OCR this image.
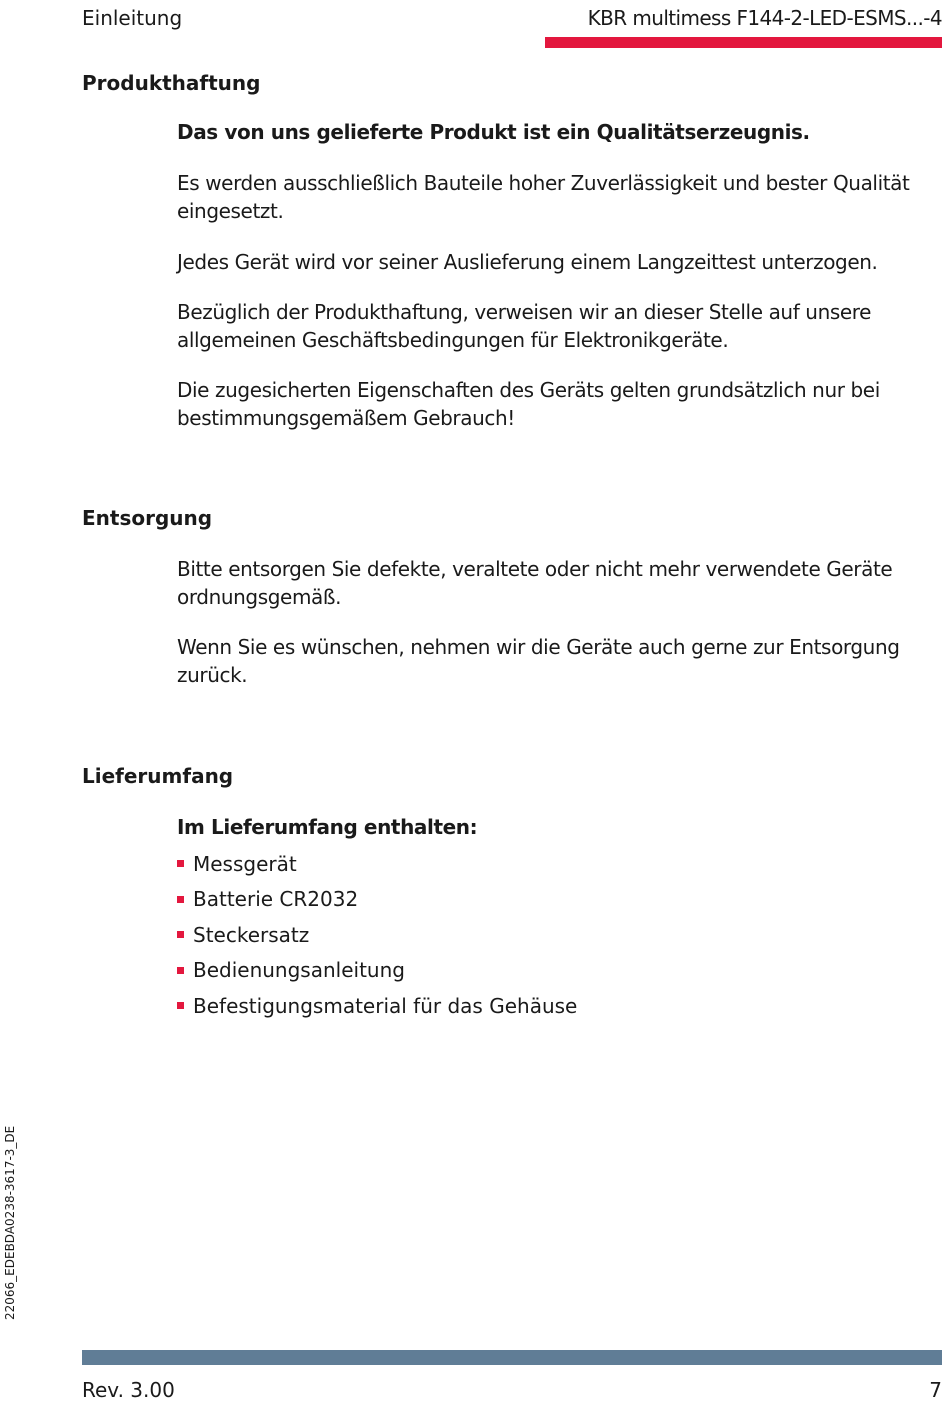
Einleitung	KBR multimess F144-2-LED-ESMS...-4
Produkthaftung

Das von uns gelieferte Produkt ist ein Qualitätserzeugnis.

Es werden ausschließlich Bauteile hoher Zuverlässigkeit und bester Qualität eingesetzt.

Jedes Gerät wird vor seiner Auslieferung einem Langzeittest unterzogen.

Bezüglich der Produkthaftung, verweisen wir an dieser Stelle auf unsere allgemeinen Geschäftsbedingungen für Elektronikgeräte.

Die zugesicherten Eigenschaften des Geräts gelten grundsätzlich nur bei bestimmungsgemäßem Gebrauch!

Entsorgung

Bitte entsorgen Sie defekte, veraltete oder nicht mehr verwendete Geräte ordnungsgemäß.

Wenn Sie es wünschen, nehmen wir die Geräte auch gerne zur Entsorgung zurück.

Lieferumfang

Im Lieferumfang enthalten:

Messgerät
Batterie CR2032
Steckersatz
Bedienungsanleitung
Befestigungsmaterial für das Gehäuse
22066_EDEBDA0238-3617-3_DE
Rev. 3.00	7
